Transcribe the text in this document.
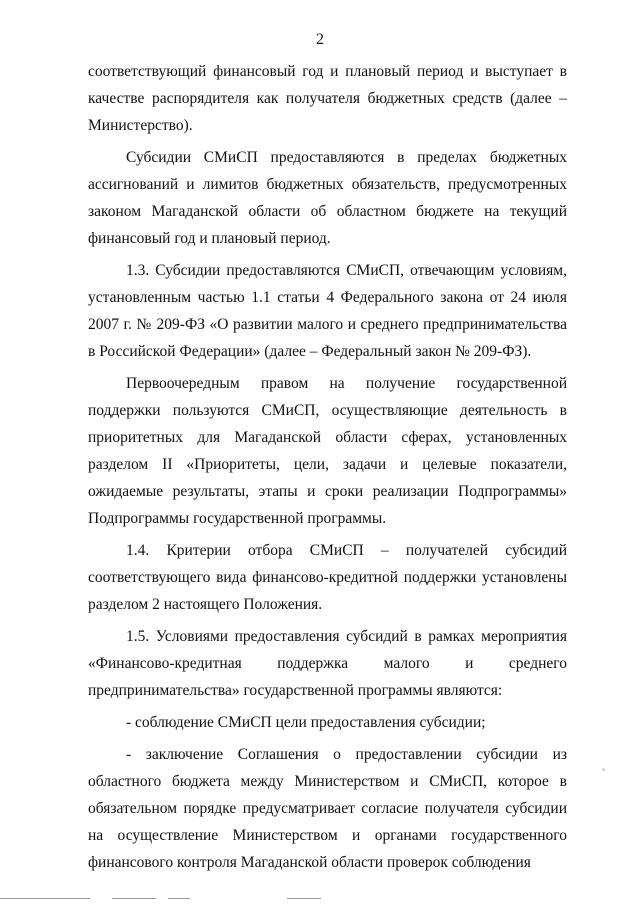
2

соответствующий финансовый год и плановый период и выступает в качестве распорядителя как получателя бюджетных средств (далее – Министерство).

Субсидии СМиСП предоставляются в пределах бюджетных ассигнований и лимитов бюджетных обязательств, предусмотренных законом Магаданской области об областном бюджете на текущий финансовый год и плановый период.

1.3. Субсидии предоставляются СМиСП, отвечающим условиям, установленным частью 1.1 статьи 4 Федерального закона от 24 июля 2007 г. № 209-ФЗ «О развитии малого и среднего предпринимательства в Российской Федерации» (далее – Федеральный закон № 209-ФЗ).

Первоочередным правом на получение государственной поддержки пользуются СМиСП, осуществляющие деятельность в приоритетных для Магаданской области сферах, установленных разделом II «Приоритеты, цели, задачи и целевые показатели, ожидаемые результаты, этапы и сроки реализации Подпрограммы» Подпрограммы государственной программы.

1.4. Критерии отбора СМиСП – получателей субсидий соответствующего вида финансово-кредитной поддержки установлены разделом 2 настоящего Положения.

1.5. Условиями предоставления субсидий в рамках мероприятия «Финансово-кредитная поддержка малого и среднего предпринимательства» государственной программы являются:

- соблюдение СМиСП цели предоставления субсидии;

- заключение Соглашения о предоставлении субсидии из областного бюджета между Министерством и СМиСП, которое в обязательном порядке предусматривает согласие получателя субсидии на осуществление Министерством и органами государственного финансового контроля Магаданской области проверок соблюдения
